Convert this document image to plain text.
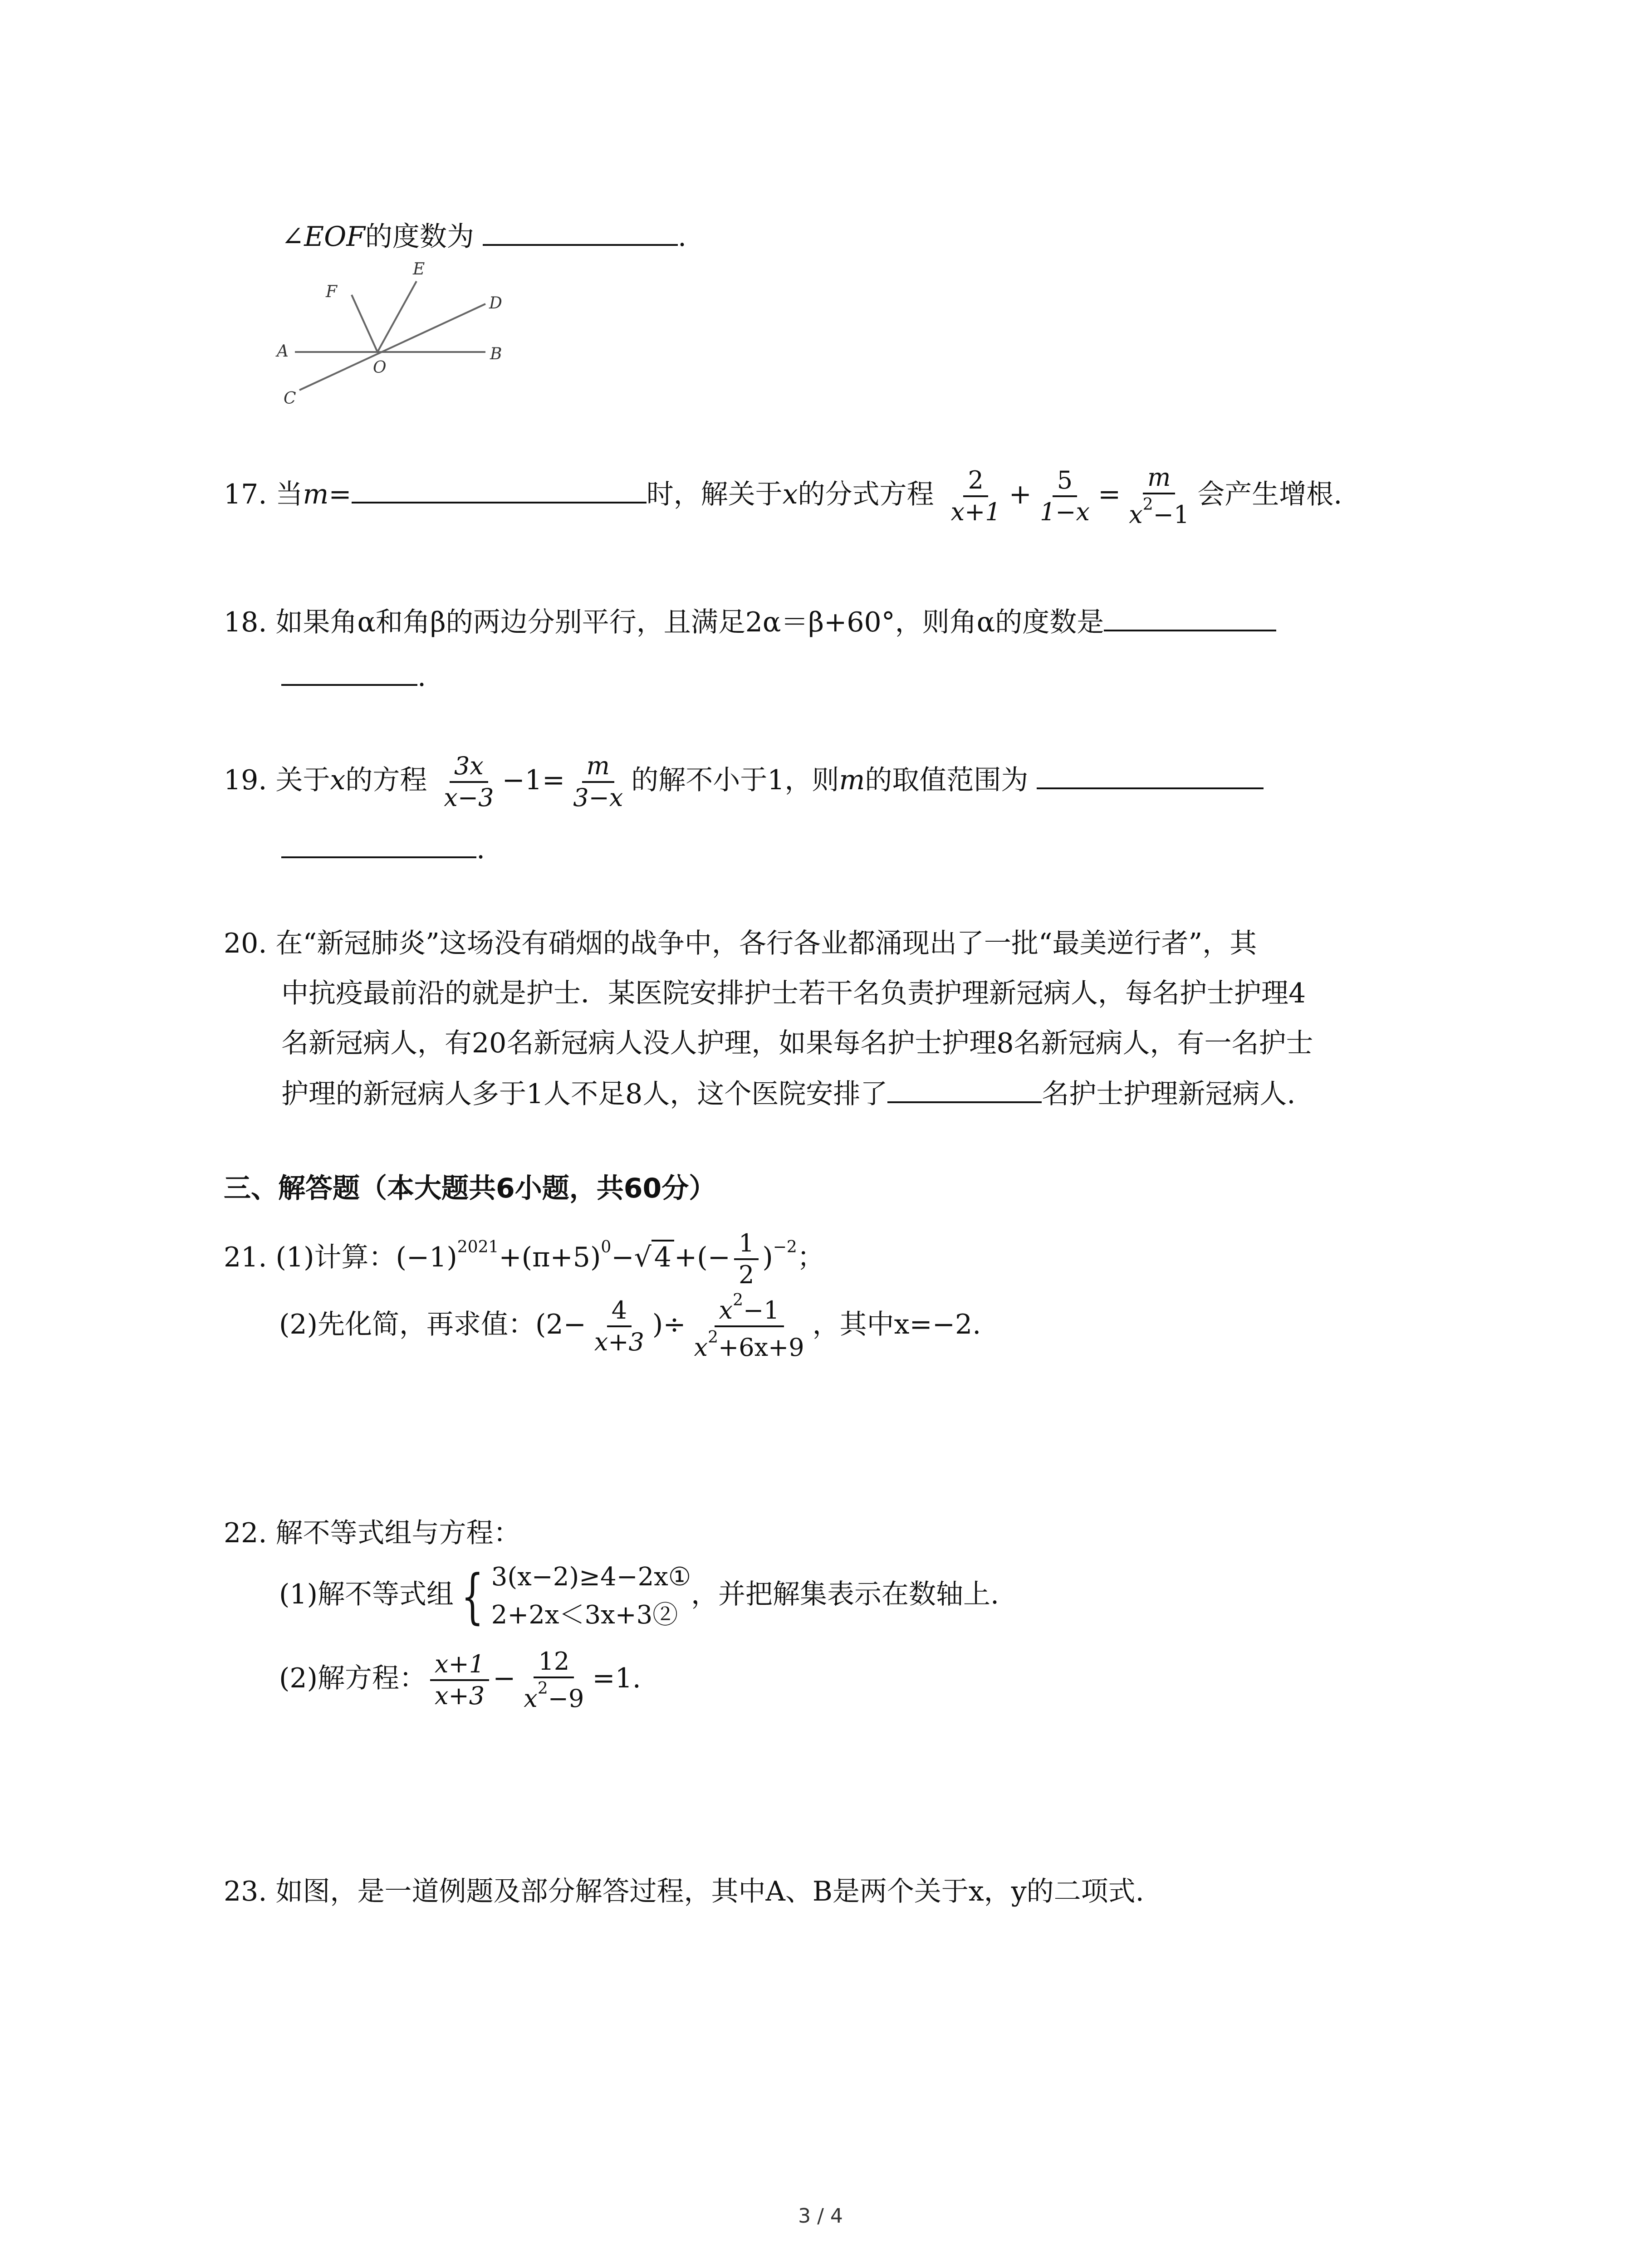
∠EOF的度数为	.
A	B
C
D
E
F
O
17. 当m=	时，解关于x的分式方程 $\frac{2}{x+1} + \frac{5}{1-x} = \frac{m}{x^2-1}$ 会产生增根.
18. 如果角α和角β的两边分别平行，且满足2α＝β+60°，则角α的度数是
.
19. 关于x的方程 $\frac{3x}{x-3} -1= \frac{m}{3-x}$ 的解不小于1，则m的取值范围为
.
20. 在“新冠肺炎”这场没有硝烟的战争中，各行各业都涌现出了一批“最美逆行者”，其
中抗疫最前沿的就是护士．某医院安排护士若干名负责护理新冠病人，每名护士护理4
名新冠病人，有20名新冠病人没人护理，如果每名护士护理8名新冠病人，有一名护士
护理的新冠病人多于1人不足8人，这个医院安排了	名护士护理新冠病人.
三、解答题（本大题共6小题，共60分）
21. (1)计算：$(-1)^{2021}+(\pi+5)^0-√$ 4 +(− $\frac{1}{2} )^{-2}$；
(2)先化简，再求值：($2- \frac{4}{x+3}$ )÷ $\frac{x^2-1}{x^2+6x+9}$ ，其中x=−2.
22. 解不等式组与方程：
(1)解不等式组 { 3(x−2)≥4−2x①
2+2x＜3x+3②
，并把解集表示在数轴上.
(2)解方程： $\frac{x+1}{x+3} - \frac{12}{x^2-9} =1$.
23. 如图，是一道例题及部分解答过程，其中A、B是两个关于x，y的二项式.
3 / 4
